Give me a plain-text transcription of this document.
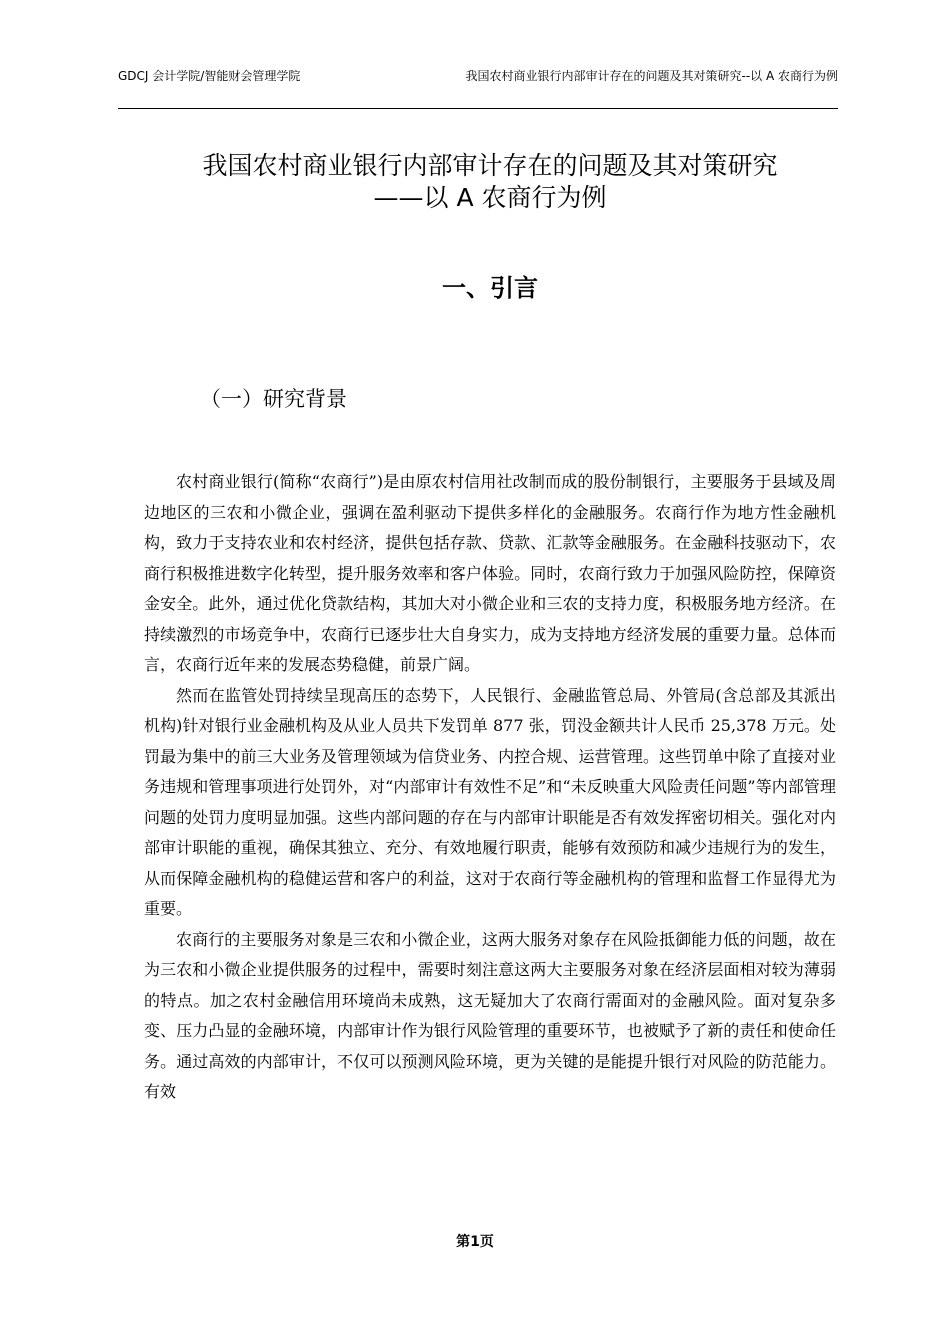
GDCJ 会计学院/智能财会管理学院	我国农村商业银行内部审计存在的问题及其对策研究--以 A 农商行为例
我国农村商业银行内部审计存在的问题及其对策研究
——以 A 农商行为例
一、引言
（一）研究背景

农村商业银行(简称“农商行”)是由原农村信用社改制而成的股份制银行，主要服务于县域及周边地区的三农和小微企业，强调在盈利驱动下提供多样化的金融服务。农商行作为地方性金融机构，致力于支持农业和农村经济，提供包括存款、贷款、汇款等金融服务。在金融科技驱动下，农商行积极推进数字化转型，提升服务效率和客户体验。同时，农商行致力于加强风险防控，保障资金安全。此外，通过优化贷款结构，其加大对小微企业和三农的支持力度，积极服务地方经济。在持续激烈的市场竞争中，农商行已逐步壮大自身实力，成为支持地方经济发展的重要力量。总体而言，农商行近年来的发展态势稳健，前景广阔。

然而在监管处罚持续呈现高压的态势下，人民银行、金融监管总局、外管局(含总部及其派出机构)针对银行业金融机构及从业人员共下发罚单 877 张，罚没金额共计人民币 25,378 万元。处罚最为集中的前三大业务及管理领域为信贷业务、内控合规、运营管理。这些罚单中除了直接对业务违规和管理事项进行处罚外，对“内部审计有效性不足”和“未反映重大风险责任问题”等内部管理问题的处罚力度明显加强。这些内部问题的存在与内部审计职能是否有效发挥密切相关。强化对内部审计职能的重视，确保其独立、充分、有效地履行职责，能够有效预防和减少违规行为的发生，从而保障金融机构的稳健运营和客户的利益，这对于农商行等金融机构的管理和监督工作显得尤为重要。

农商行的主要服务对象是三农和小微企业，这两大服务对象存在风险抵御能力低的问题，故在为三农和小微企业提供服务的过程中，需要时刻注意这两大主要服务对象在经济层面相对较为薄弱的特点。加之农村金融信用环境尚未成熟，这无疑加大了农商行需面对的金融风险。面对复杂多变、压力凸显的金融环境，内部审计作为银行风险管理的重要环节，也被赋予了新的责任和使命任务。通过高效的内部审计，不仅可以预测风险环境，更为关键的是能提升银行对风险的防范能力。有效

第1页
